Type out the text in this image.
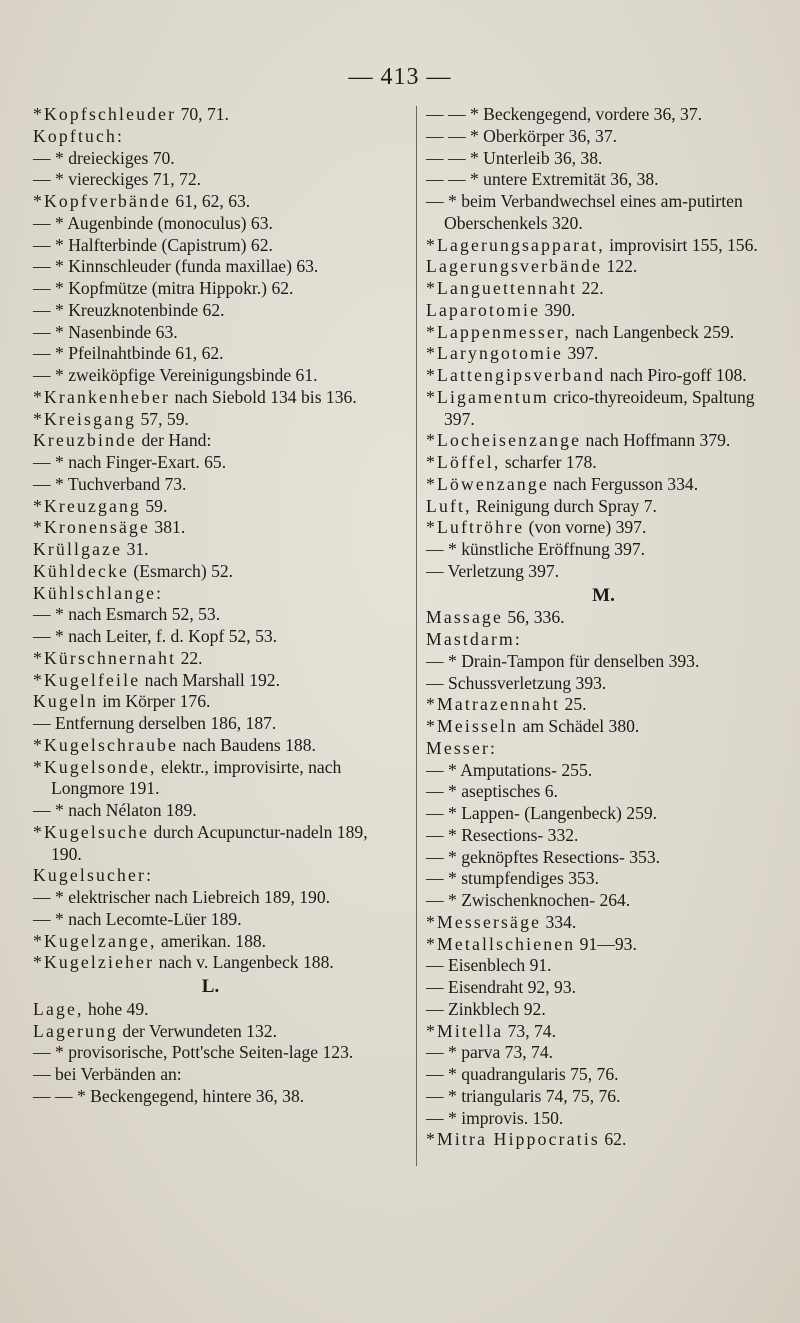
— 413 —
*Kopfschleuder 70, 71.
Kopftuch:
— * dreieckiges 70.
— * viereckiges 71, 72.
*Kopfverbände 61, 62, 63.
— * Augenbinde (monoculus) 63.
— * Halfterbinde (Capistrum) 62.
— * Kinnschleuder (funda maxillae) 63.
— * Kopfmütze (mitra Hippokr.) 62.
— * Kreuzknotenbinde 62.
— * Nasenbinde 63.
— * Pfeilnahtbinde 61, 62.
— * zweiköpfige Vereinigungsbinde 61.
*Krankenheber nach Siebold 134 bis 136.
*Kreisgang 57, 59.
Kreuzbinde der Hand:
— * nach Finger-Exart. 65.
— * Tuchverband 73.
*Kreuzgang 59.
*Kronensäge 381.
Krüllgaze 31.
Kühldecke (Esmarch) 52.
Kühlschlange:
— * nach Esmarch 52, 53.
— * nach Leiter, f. d. Kopf 52, 53.
*Kürschnernaht 22.
*Kugelfeile nach Marshall 192.
Kugeln im Körper 176.
— Entfernung derselben 186, 187.
*Kugelschraube nach Baudens 188.
*Kugelsonde, elektr., improvisirte, nach Longmore 191.
— * nach Nélaton 189.
*Kugelsuche durch Acupunctur-nadeln 189, 190.
Kugelsucher:
— * elektrischer nach Liebreich 189, 190.
— * nach Lecomte-Lüer 189.
*Kugelzange, amerikan. 188.
*Kugelzieher nach v. Langenbeck 188.
L.
Lage, hohe 49.
Lagerung der Verwundeten 132.
— * provisorische, Pott'sche Seiten-lage 123.
— bei Verbänden an:
— — * Beckengegend, hintere 36, 38.
— — * Beckengegend, vordere 36, 37.
— — * Oberkörper 36, 37.
— — * Unterleib 36, 38.
— — * untere Extremität 36, 38.
— * beim Verbandwechsel eines am-putirten Oberschenkels 320.
*Lagerungsapparat, improvisirt 155, 156.
Lagerungsverbände 122.
*Languettennaht 22.
Laparotomie 390.
*Lappenmesser, nach Langenbeck 259.
*Laryngotomie 397.
*Lattengipsverband nach Piro-goff 108.
*Ligamentum crico-thyreoideum, Spaltung 397.
*Locheisenzange nach Hoffmann 379.
*Löffel, scharfer 178.
*Löwenzange nach Fergusson 334.
Luft, Reinigung durch Spray 7.
*Luftröhre (von vorne) 397.
— * künstliche Eröffnung 397.
— Verletzung 397.
M.
Massage 56, 336.
Mastdarm:
— * Drain-Tampon für denselben 393.
— Schussverletzung 393.
*Matrazennaht 25.
*Meisseln am Schädel 380.
Messer:
— * Amputations- 255.
— * aseptisches 6.
— * Lappen- (Langenbeck) 259.
— * Resections- 332.
— * geknöpftes Resections- 353.
— * stumpfendiges 353.
— * Zwischenknochen- 264.
*Messersäge 334.
*Metallschienen 91—93.
— Eisenblech 91.
— Eisendraht 92, 93.
— Zinkblech 92.
*Mitella 73, 74.
— * parva 73, 74.
— * quadrangularis 75, 76.
— * triangularis 74, 75, 76.
— * improvis. 150.
*Mitra Hippocratis 62.
